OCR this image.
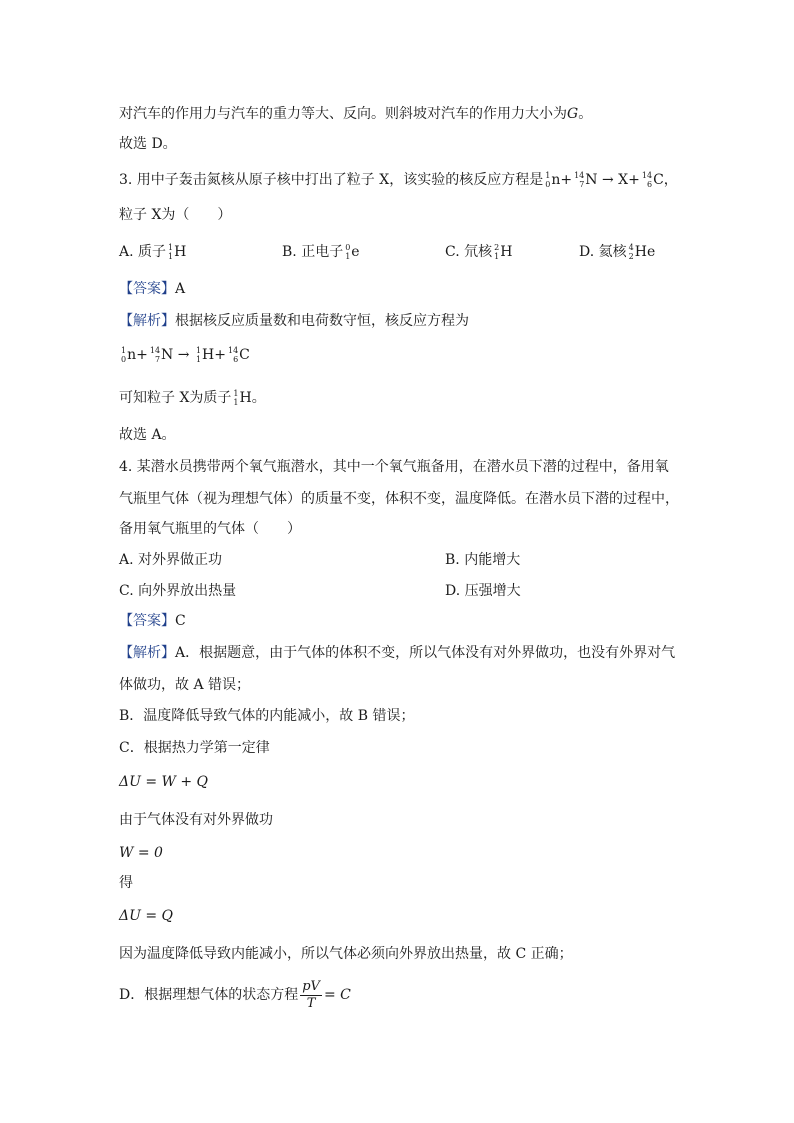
对汽车的作用力与汽车的重力等大、反向。则斜坡对汽车的作用力大小为G。
故选 D。
3. 用中子轰击氮核从原子核中打出了粒子 X，该实验的核反应方程是 1
0 n+ 14
7 N → X+ 14
6 C，
粒子 X为（　　）
A. 质子 1
1 H	B. 正电子 0
1 e	C. 氘核 2
1 H	D. 氦核 4
2 He
【答案】A
【解析】根据核反应质量数和电荷数守恒，核反应方程为
1
0 n+ 14
7 N → 1
1 H+ 14
6 C
可知粒子 X为质子 1
1 H。
故选 A。
4. 某潜水员携带两个氧气瓶潜水，其中一个氧气瓶备用，在潜水员下潜的过程中，备用氧
气瓶里气体（视为理想气体）的质量不变，体积不变，温度降低。在潜水员下潜的过程中，
备用氧气瓶里的气体（　　）
A. 对外界做正功	B. 内能增大
C. 向外界放出热量	D. 压强增大
【答案】C
【解析】A．根据题意，由于气体的体积不变，所以气体没有对外界做功，也没有外界对气
体做功，故 A 错误；
B．温度降低导致气体的内能减小，故 B 错误；
C．根据热力学第一定律
ΔU = W + Q
由于气体没有对外界做功
W = 0
得
ΔU = Q
因为温度降低导致内能减小，所以气体必须向外界放出热量，故 C 正确；
D．根据理想气体的状态方程 $\frac{pV}{T} = C$
